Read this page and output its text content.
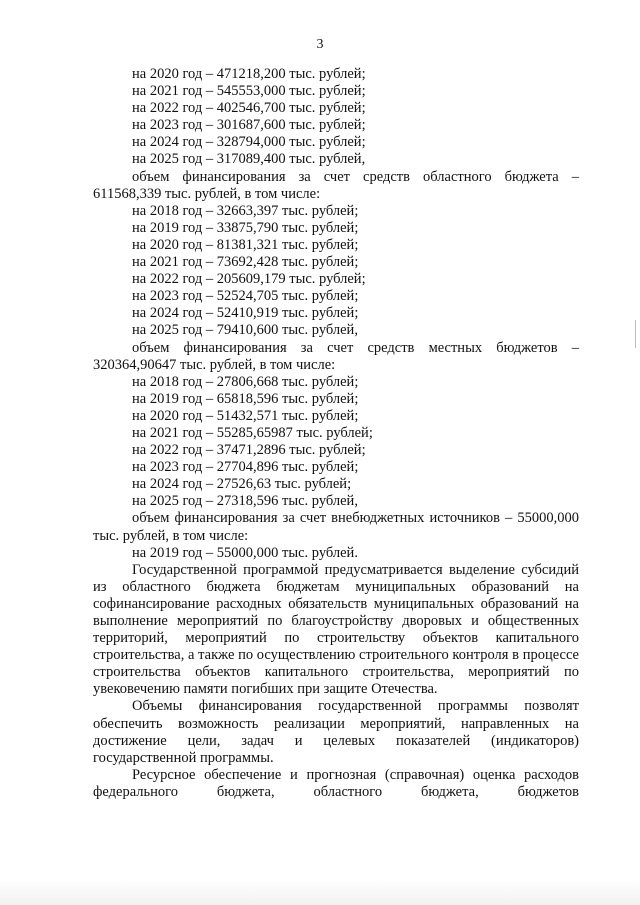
3
на 2020 год – 471218,200 тыс. рублей;
на 2021 год – 545553,000 тыс. рублей;
на 2022 год – 402546,700 тыс. рублей;
на 2023 год – 301687,600 тыс. рублей;
на 2024 год – 328794,000 тыс. рублей;
на 2025 год – 317089,400 тыс. рублей,
объем финансирования за счет средств областного бюджета – 611568,339 тыс. рублей, в том числе:
на 2018 год – 32663,397 тыс. рублей;
на 2019 год – 33875,790 тыс. рублей;
на 2020 год – 81381,321 тыс. рублей;
на 2021 год – 73692,428 тыс. рублей;
на 2022 год – 205609,179 тыс. рублей;
на 2023 год – 52524,705 тыс. рублей;
на 2024 год – 52410,919 тыс. рублей;
на 2025 год – 79410,600 тыс. рублей,
объем финансирования за счет средств местных бюджетов – 320364,90647 тыс. рублей, в том числе:
на 2018 год – 27806,668 тыс. рублей;
на 2019 год – 65818,596 тыс. рублей;
на 2020 год – 51432,571 тыс. рублей;
на 2021 год – 55285,65987 тыс. рублей;
на 2022 год – 37471,2896 тыс. рублей;
на 2023 год – 27704,896 тыс. рублей;
на 2024 год – 27526,63 тыс. рублей;
на 2025 год – 27318,596 тыс. рублей,
объем финансирования за счет внебюджетных источников – 55000,000 тыс. рублей, в том числе:
на 2019 год – 55000,000 тыс. рублей.
Государственной программой предусматривается выделение субсидий из областного бюджета бюджетам муниципальных образований на софинансирование расходных обязательств муниципальных образований на выполнение мероприятий по благоустройству дворовых и общественных территорий, мероприятий по строительству объектов капитального строительства, а также по осуществлению строительного контроля в процессе строительства объектов капитального строительства, мероприятий по увековечению памяти погибших при защите Отечества.
Объемы финансирования государственной программы позволят обеспечить возможность реализации мероприятий, направленных на достижение цели, задач и целевых показателей (индикаторов) государственной программы.
Ресурсное обеспечение и прогнозная (справочная) оценка расходов федерального бюджета, областного бюджета, бюджетов
